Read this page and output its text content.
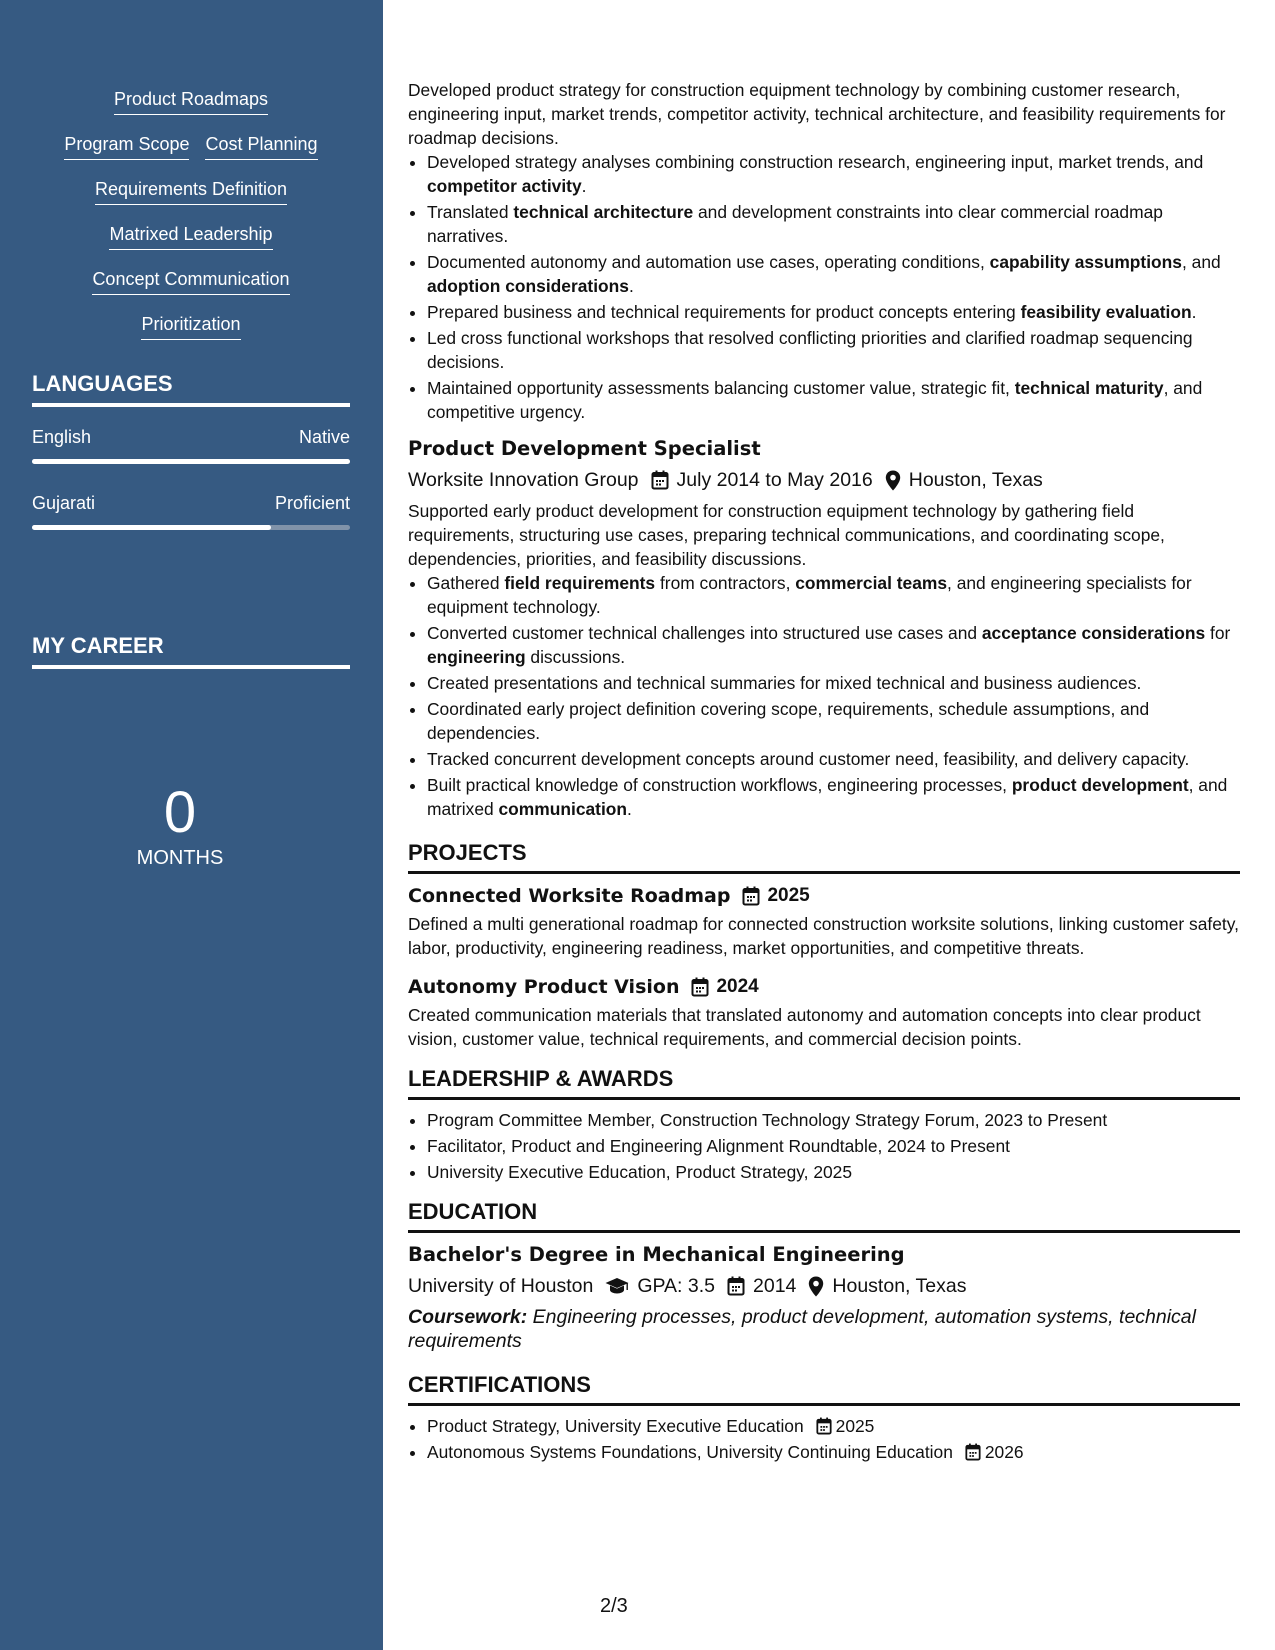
Product Roadmaps
Program Scope Cost Planning
Requirements Definition
Matrixed Leadership
Concept Communication
Prioritization
LANGUAGES
English	Native
Gujarati	Proficient
MY CAREER
0
MONTHS

Developed product strategy for construction equipment technology by combining customer research, engineering input, market trends, competitor activity, technical architecture, and feasibility requirements for roadmap decisions.

• Developed strategy analyses combining construction research, engineering input, market trends, and competitor activity.
• Translated technical architecture and development constraints into clear commercial roadmap narratives.
• Documented autonomy and automation use cases, operating conditions, capability assumptions, and adoption considerations.
• Prepared business and technical requirements for product concepts entering feasibility evaluation.
• Led cross functional workshops that resolved conflicting priorities and clarified roadmap sequencing decisions.
• Maintained opportunity assessments balancing customer value, strategic fit, technical maturity, and competitive urgency.
Product Development Specialist
Worksite Innovation Group July 2014 to May 2016 Houston, Texas

Supported early product development for construction equipment technology by gathering field requirements, structuring use cases, preparing technical communications, and coordinating scope, dependencies, priorities, and feasibility discussions.

• Gathered field requirements from contractors, commercial teams, and engineering specialists for equipment technology.
• Converted customer technical challenges into structured use cases and acceptance considerations for engineering discussions.
• Created presentations and technical summaries for mixed technical and business audiences.
• Coordinated early project definition covering scope, requirements, schedule assumptions, and dependencies.
• Tracked concurrent development concepts around customer need, feasibility, and delivery capacity.
• Built practical knowledge of construction workflows, engineering processes, product development, and matrixed communication.
PROJECTS
Connected Worksite Roadmap 2025

Defined a multi generational roadmap for connected construction worksite solutions, linking customer safety, labor, productivity, engineering readiness, market opportunities, and competitive threats.

Autonomy Product Vision 2024

Created communication materials that translated autonomy and automation concepts into clear product vision, customer value, technical requirements, and commercial decision points.

LEADERSHIP & AWARDS
• Program Committee Member, Construction Technology Strategy Forum, 2023 to Present
• Facilitator, Product and Engineering Alignment Roundtable, 2024 to Present
• University Executive Education, Product Strategy, 2025
EDUCATION
Bachelor's Degree in Mechanical Engineering
University of Houston GPA: 3.5 2014 Houston, Texas

Coursework: Engineering processes, product development, automation systems, technical requirements

CERTIFICATIONS
• Product Strategy, University Executive Education 2025
• Autonomous Systems Foundations, University Continuing Education 2026
2/3
